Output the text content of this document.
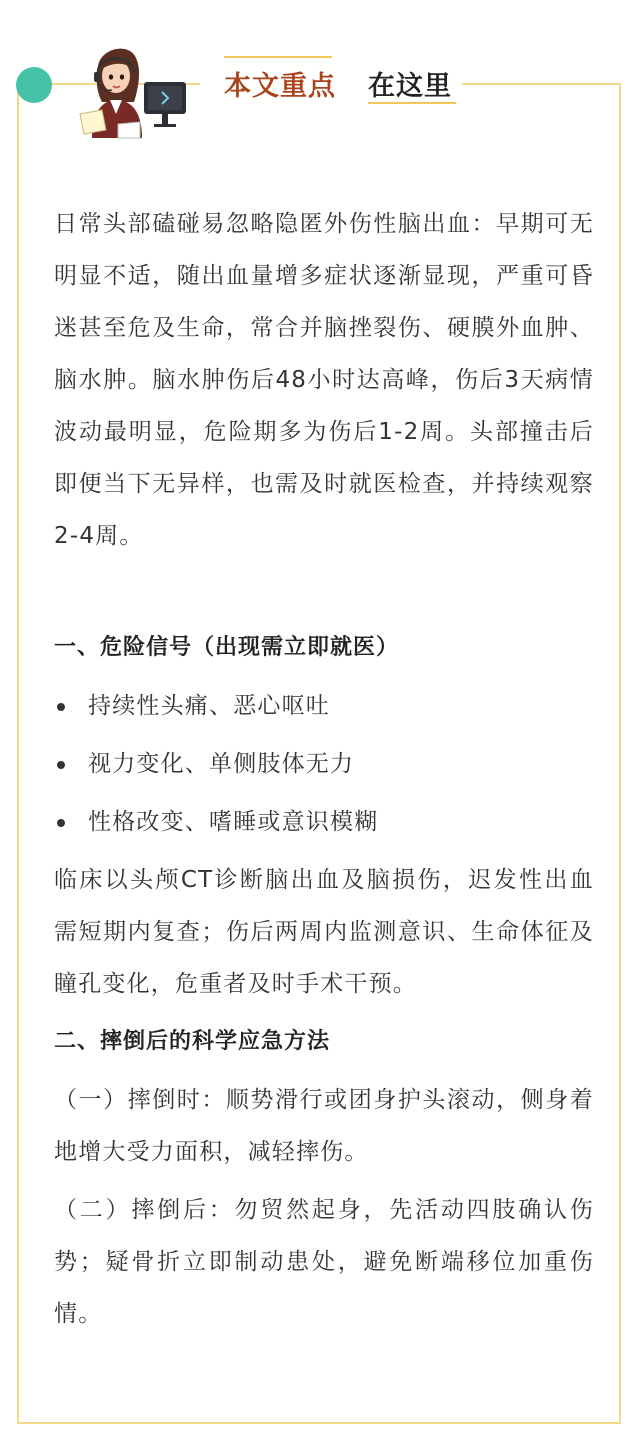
本文重点 在这里

日常头部磕碰易忽略隐匿外伤性脑出血：早期可无明显不适，随出血量增多症状逐渐显现，严重可昏迷甚至危及生命，常合并脑挫裂伤、硬膜外血肿、脑水肿。脑水肿伤后48小时达高峰，伤后3天病情波动最明显，危险期多为伤后1-2周。头部撞击后即便当下无异样，也需及时就医检查，并持续观察2-4周。

一、危险信号（出现需立即就医）

持续性头痛、恶心呕吐
视力变化、单侧肢体无力
性格改变、嗜睡或意识模糊

临床以头颅CT诊断脑出血及脑损伤，迟发性出血需短期内复查；伤后两周内监测意识、生命体征及瞳孔变化，危重者及时手术干预。

二、摔倒后的科学应急方法

（一）摔倒时：顺势滑行或团身护头滚动，侧身着地增大受力面积，减轻摔伤。

（二）摔倒后：勿贸然起身，先活动四肢确认伤势；疑骨折立即制动患处，避免断端移位加重伤情。
